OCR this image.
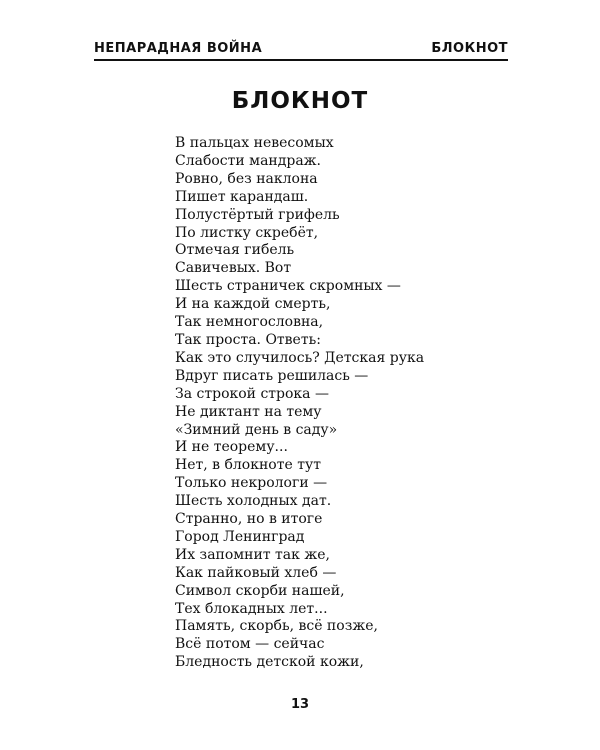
НЕПАРАДНАЯ ВОЙНА	БЛОКНОТ
БЛОКНОТ
В пальцах невесомых
Слабости мандраж.
Ровно, без наклона
Пишет карандаш.
Полустёртый грифель
По листку скребёт,
Отмечая гибель
Савичевых. Вот
Шесть страничек скромных —
И на каждой смерть,
Так немногословна,
Так проста. Ответь:
Как это случилось? Детская рука
Вдруг писать решилась —
За строкой строка —
Не диктант на тему
«Зимний день в саду»
И не теорему...
Нет, в блокноте тут
Только некрологи —
Шесть холодных дат.
Странно, но в итоге
Город Ленинград
Их запомнит так же,
Как пайковый хлеб —
Символ скорби нашей,
Тех блокадных лет...
Память, скорбь, всё позже,
Всё потом — сейчас
Бледность детской кожи,
13
